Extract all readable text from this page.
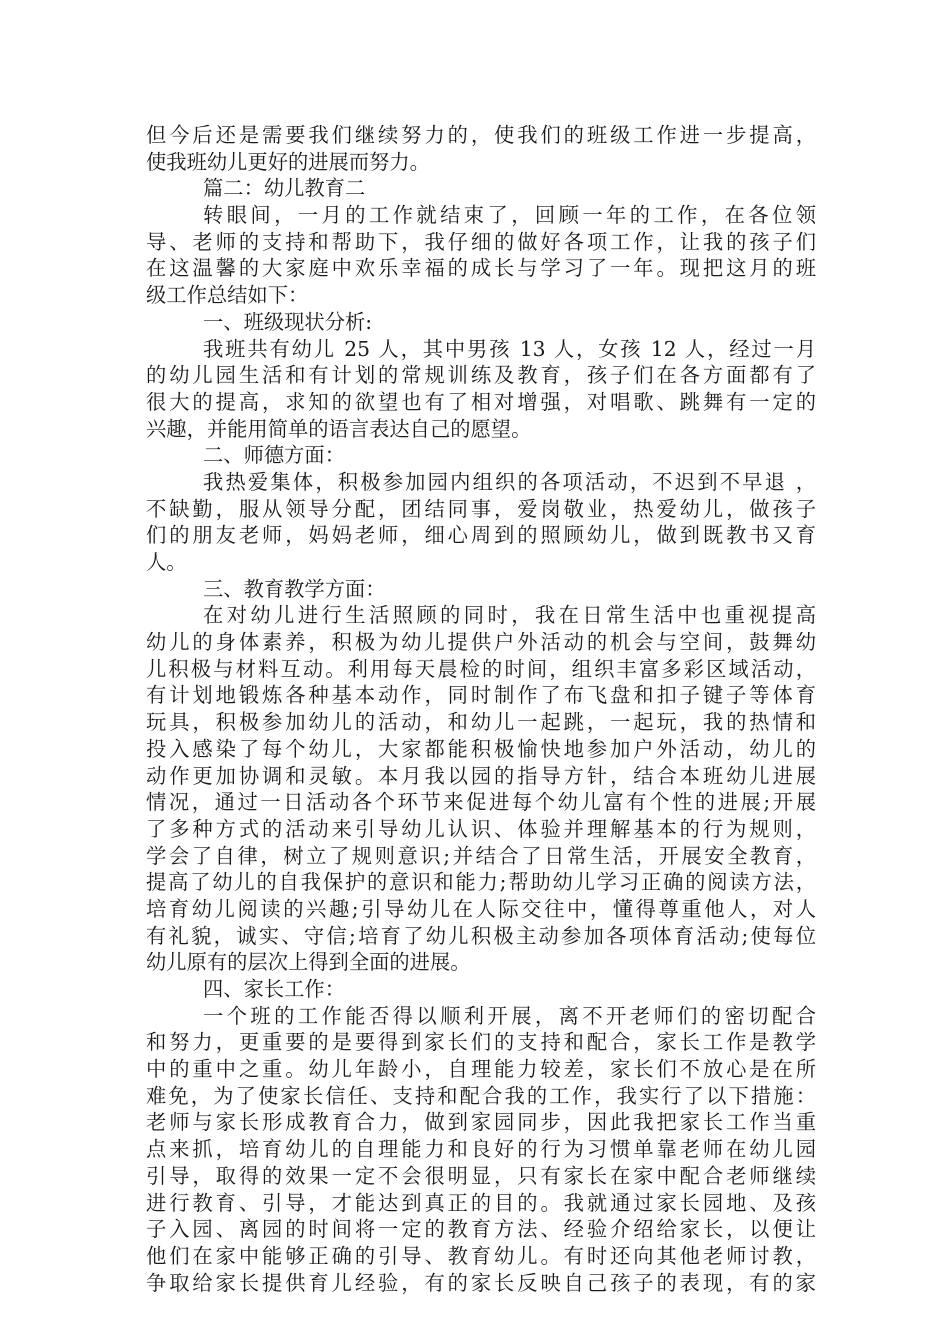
但今后还是需要我们继续努力的，使我们的班级工作进一步提高，
使我班幼儿更好的进展而努力。
篇二：幼儿教育二
转眼间，一月的工作就结束了，回顾一年的工作，在各位领
导、老师的支持和帮助下，我仔细的做好各项工作，让我的孩子们
在这温馨的大家庭中欢乐幸福的成长与学习了一年。现把这月的班
级工作总结如下：
一、班级现状分析:
我班共有幼儿 25 人，其中男孩 13 人，女孩 12 人，经过一月
的幼儿园生活和有计划的常规训练及教育，孩子们在各方面都有了
很大的提高，求知的欲望也有了相对增强，对唱歌、跳舞有一定的
兴趣，并能用简单的语言表达自己的愿望。
二、师德方面：
我热爱集体，积极参加园内组织的各项活动，不迟到不早退 ，
不缺勤，服从领导分配，团结同事，爱岗敬业，热爱幼儿，做孩子
们的朋友老师，妈妈老师，细心周到的照顾幼儿，做到既教书又育
人。
三、教育教学方面：
在对幼儿进行生活照顾的同时，我在日常生活中也重视提高
幼儿的身体素养，积极为幼儿提供户外活动的机会与空间，鼓舞幼
儿积极与材料互动。利用每天晨检的时间，组织丰富多彩区域活动，
有计划地锻炼各种基本动作，同时制作了布飞盘和扣子键子等体育
玩具，积极参加幼儿的活动，和幼儿一起跳，一起玩，我的热情和
投入感染了每个幼儿，大家都能积极愉快地参加户外活动，幼儿的
动作更加协调和灵敏。本月我以园的指导方针，结合本班幼儿进展
情况，通过一日活动各个环节来促进每个幼儿富有个性的进展;开展
了多种方式的活动来引导幼儿认识、体验并理解基本的行为规则，
学会了自律，树立了规则意识;并结合了日常生活，开展安全教育，
提高了幼儿的自我保护的意识和能力;帮助幼儿学习正确的阅读方法，
培育幼儿阅读的兴趣;引导幼儿在人际交往中，懂得尊重他人，对人
有礼貌，诚实、守信;培育了幼儿积极主动参加各项体育活动;使每位
幼儿原有的层次上得到全面的进展。
四、家长工作：
一个班的工作能否得以顺利开展，离不开老师们的密切配合
和努力，更重要的是要得到家长们的支持和配合，家长工作是教学
中的重中之重。幼儿年龄小，自理能力较差，家长们不放心是在所
难免，为了使家长信任、支持和配合我的工作，我实行了以下措施：
老师与家长形成教育合力，做到家园同步，因此我把家长工作当重
点来抓，培育幼儿的自理能力和良好的行为习惯单靠老师在幼儿园
引导，取得的效果一定不会很明显，只有家长在家中配合老师继续
进行教育、引导，才能达到真正的目的。我就通过家长园地、及孩
子入园、离园的时间将一定的教育方法、经验介绍给家长，以便让
他们在家中能够正确的引导、教育幼儿。有时还向其他老师讨教，
争取给家长提供育儿经验，有的家长反映自己孩子的表现，有的家
